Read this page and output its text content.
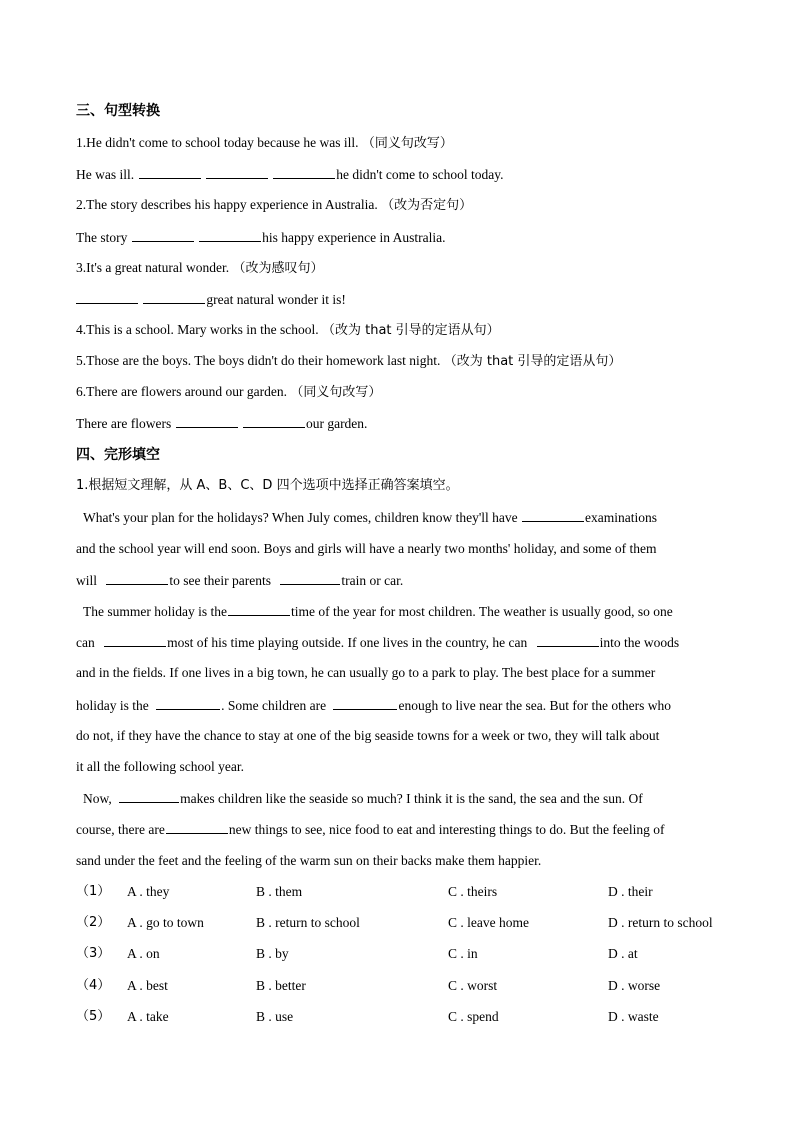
三、句型转换
1.He didn't come to school today because he was ill. （同义句改写）
He was ill.	he didn't come to school today.
2.The story describes his happy experience in Australia. （改为否定句）
The story	his happy experience in Australia.
3.It's a great natural wonder. （改为感叹句）
great natural wonder it is!
4.This is a school. Mary works in the school. （改为 that 引导的定语从句）
5.Those are the boys. The boys didn't do their homework last night. （改为 that 引导的定语从句）
6.There are flowers around our garden. （同义句改写）
There are flowers	our garden.
四、完形填空
1.根据短文理解，从 A、B、C、D 四个选项中选择正确答案填空。
What's your plan for the holidays? When July comes, children know they'll have	examinations
and the school year will end soon. Boys and girls will have a nearly two months' holiday, and some of them
will	to see their parents	train or car.
The summer holiday is the	time of the year for most children. The weather is usually good, so one
can	most of his time playing outside. If one lives in the country, he can	into the woods
and in the fields. If one lives in a big town, he can usually go to a park to play. The best place for a summer
holiday is the	. Some children are	enough to live near the sea. But for the others who
do not, if they have the chance to stay at one of the big seaside towns for a week or two, they will talk about
it all the following school year.
Now,	makes children like the seaside so much? I think it is the sand, the sea and the sun. Of
course, there are	new things to see, nice food to eat and interesting things to do. But the feeling of
sand under the feet and the feeling of the warm sun on their backs make them happier.
（1） A . they	B . them	C . theirs	D . their
（2） A . go to town	B . return to school	C . leave home	D . return to school
（3） A . on	B . by	C . in	D . at
（4） A . best	B . better	C . worst	D . worse
（5） A . take	B . use	C . spend	D . waste
